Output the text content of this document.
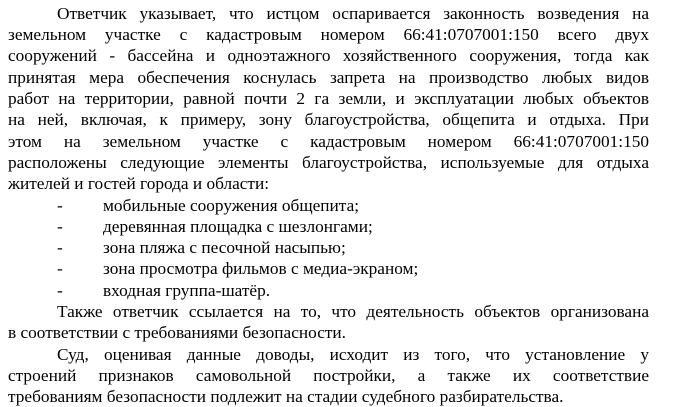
Ответчик указывает, что истцом оспаривается законность возведения на
земельном участке с кадастровым номером 66:41:0707001:150 всего двух
сооружений - бассейна и одноэтажного хозяйственного сооружения, тогда как
принятая мера обеспечения коснулась запрета на производство любых видов
работ на территории, равной почти 2 га земли, и эксплуатации любых объектов
на ней, включая, к примеру, зону благоустройства, общепита и отдыха. При
этом на земельном участке с кадастровым номером 66:41:0707001:150
расположены следующие элементы благоустройства, используемые для отдыха
жителей и гостей города и области:
- мобильные сооружения общепита;
- деревянная площадка с шезлонгами;
- зона пляжа с песочной насыпью;
- зона просмотра фильмов с медиа-экраном;
- входная группа-шатёр.
Также ответчик ссылается на то, что деятельность объектов организована
в соответствии с требованиями безопасности.
Суд, оценивая данные доводы, исходит из того, что установление у
строений признаков самовольной постройки, а также их соответствие
требованиям безопасности подлежит на стадии судебного разбирательства.
